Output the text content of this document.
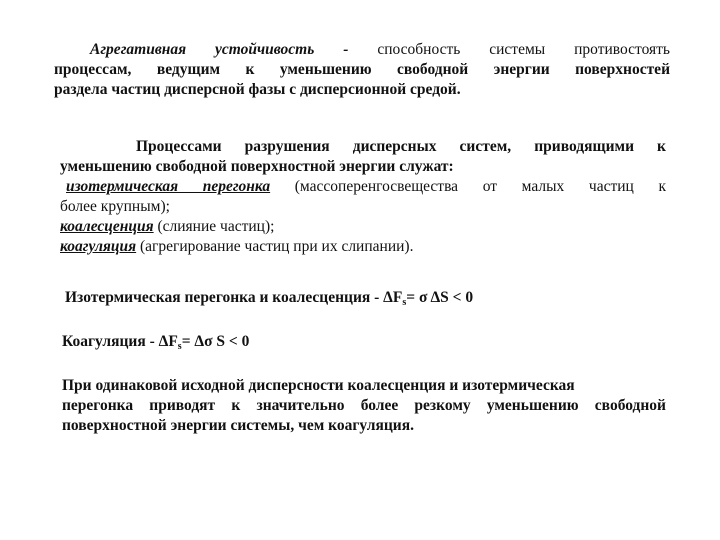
Агрегативная устойчивость - способность системы противостоять
процессам, ведущим к уменьшению свободной энергии поверхностей
раздела частиц дисперсной фазы с дисперсионной средой.
Процессами разрушения дисперсных систем, приводящими к
уменьшению свободной поверхностной энергии служат:
изотермическая перегонка (массоперенгосвещества от малых частиц к
более крупным);
коалесценция (слияние частиц);
коагуляция (агрегирование частиц при их слипании).
Изотермическая перегонка и коалесценция - $\Delta F_s= \sigma$ ΔS < 0
Коагуляция - $\Delta F_s= \Delta\sigma$ S < 0
При одинаковой исходной дисперсности коалесценция и изотермическая
перегонка приводят к значительно более резкому уменьшению свободной
поверхностной энергии системы, чем коагуляция.
